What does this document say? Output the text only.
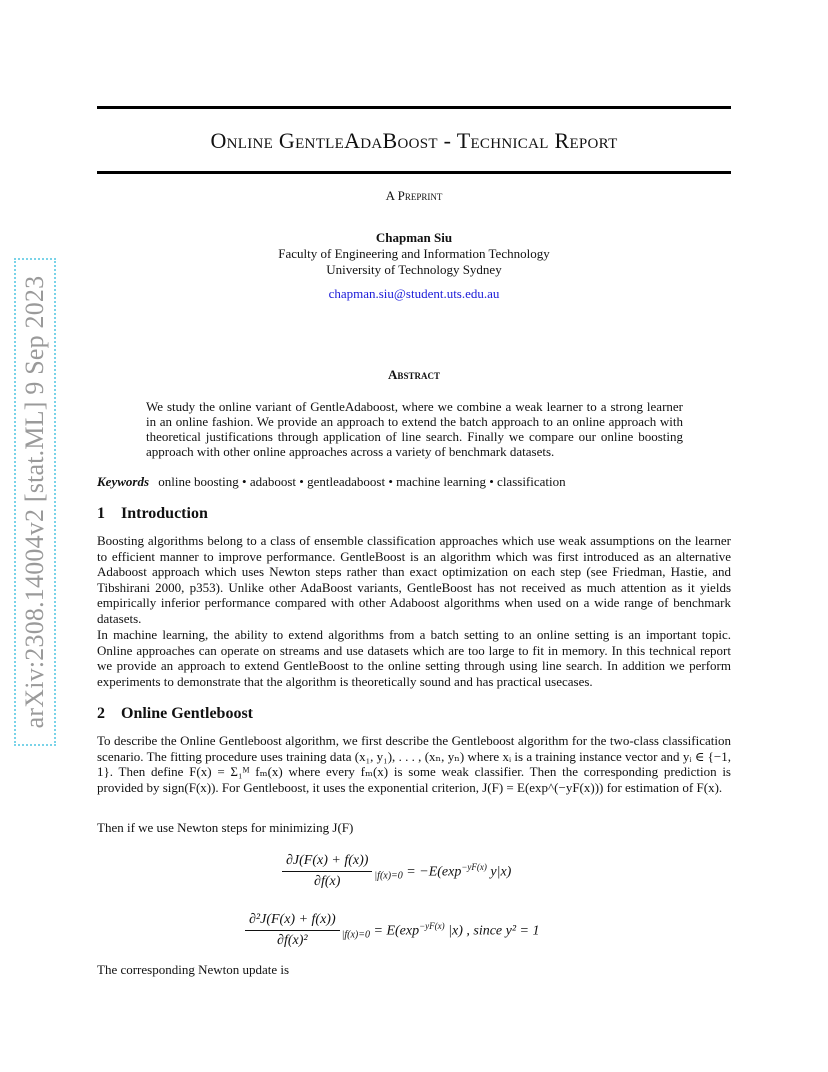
arXiv:2308.14004v2 [stat.ML] 9 Sep 2023
Online GentleAdaBoost - Technical Report
A Preprint
Chapman Siu
Faculty of Engineering and Information Technology
University of Technology Sydney
chapman.siu@student.uts.edu.au
Abstract
We study the online variant of GentleAdaboost, where we combine a weak learner to a strong learner in an online fashion. We provide an approach to extend the batch approach to an online approach with theoretical justifications through application of line search. Finally we compare our online boosting approach with other online approaches across a variety of benchmark datasets.
Keywords online boosting • adaboost • gentleadaboost • machine learning • classification
1 Introduction
Boosting algorithms belong to a class of ensemble classification approaches which use weak assumptions on the learner to efficient manner to improve performance. GentleBoost is an algorithm which was first introduced as an alternative Adaboost approach which uses Newton steps rather than exact optimization on each step (see Friedman, Hastie, and Tibshirani 2000, p353). Unlike other AdaBoost variants, GentleBoost has not received as much attention as it yields empirically inferior performance compared with other Adaboost algorithms when used on a wide range of benchmark datasets.
In machine learning, the ability to extend algorithms from a batch setting to an online setting is an important topic. Online approaches can operate on streams and use datasets which are too large to fit in memory. In this technical report we provide an approach to extend GentleBoost to the online setting through using line search. In addition we perform experiments to demonstrate that the algorithm is theoretically sound and has practical usecases.
2 Online Gentleboost
To describe the Online Gentleboost algorithm, we first describe the Gentleboost algorithm for the two-class classification scenario. The fitting procedure uses training data (x₁, y₁), . . . , (xₙ, yₙ) where xᵢ is a training instance vector and yᵢ ∈ {−1, 1}. Then define F(x) = Σ₁ᴹ fₘ(x) where every fₘ(x) is some weak classifier. Then the corresponding prediction is provided by sign(F(x)). For Gentleboost, it uses the exponential criterion, J(F) = E(exp^(−yF(x))) for estimation of F(x).
Then if we use Newton steps for minimizing J(F)
$\frac{\partial J(F(x) + f(x))}{\partial f(x)} _{|f(x)=0} = -E(\exp^{-yF(x)}$ y|x)
$\frac{\text{∂²J(F(x) + f(x))}}{\text{∂f(x)²}} _{|f(x)=0} = E(\exp^{-yF(x)}$ |x) , since y² = 1
The corresponding Newton update is
